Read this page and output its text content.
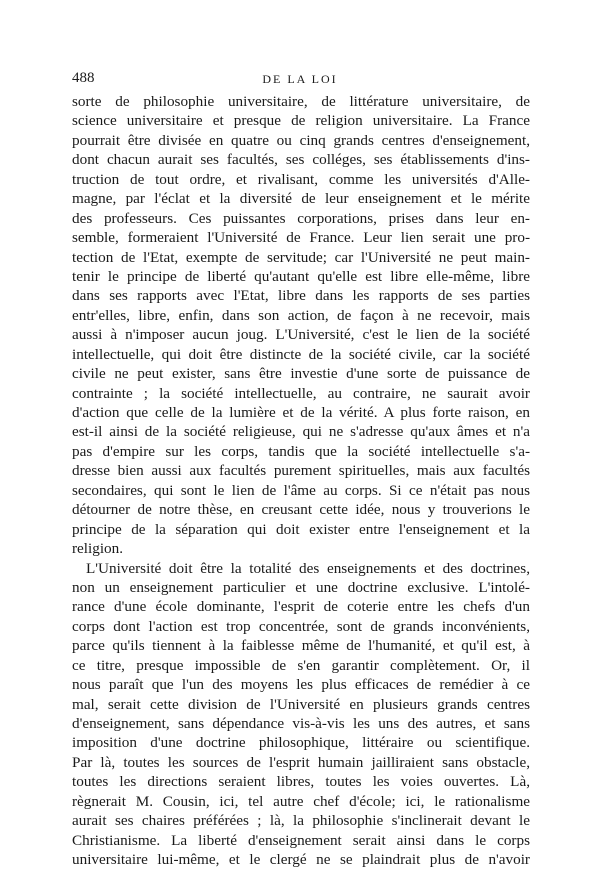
488	DE LA LOI
sorte de philosophie universitaire, de littérature universitaire, de
science universitaire et presque de religion universitaire. La France
pourrait être divisée en quatre ou cinq grands centres d'enseignement,
dont chacun aurait ses facultés, ses colléges, ses établissements d'ins-
truction de tout ordre, et rivalisant, comme les universités d'Alle-
magne, par l'éclat et la diversité de leur enseignement et le mérite
des professeurs. Ces puissantes corporations, prises dans leur en-
semble, formeraient l'Université de France. Leur lien serait une pro-
tection de l'Etat, exempte de servitude; car l'Université ne peut main-
tenir le principe de liberté qu'autant qu'elle est libre elle-même, libre
dans ses rapports avec l'Etat, libre dans les rapports de ses parties
entr'elles, libre, enfin, dans son action, de façon à ne recevoir, mais
aussi à n'imposer aucun joug. L'Université, c'est le lien de la société
intellectuelle, qui doit être distincte de la société civile, car la société
civile ne peut exister, sans être investie d'une sorte de puissance de
contrainte ; la société intellectuelle, au contraire, ne saurait avoir
d'action que celle de la lumière et de la vérité. A plus forte raison, en
est-il ainsi de la société religieuse, qui ne s'adresse qu'aux âmes et n'a
pas d'empire sur les corps, tandis que la société intellectuelle s'a-
dresse bien aussi aux facultés purement spirituelles, mais aux facultés
secondaires, qui sont le lien de l'âme au corps. Si ce n'était pas nous
détourner de notre thèse, en creusant cette idée, nous y trouverions le
principe de la séparation qui doit exister entre l'enseignement et la
religion.
L'Université doit être la totalité des enseignements et des doctrines,
non un enseignement particulier et une doctrine exclusive. L'intolé-
rance d'une école dominante, l'esprit de coterie entre les chefs d'un
corps dont l'action est trop concentrée, sont de grands inconvénients,
parce qu'ils tiennent à la faiblesse même de l'humanité, et qu'il est, à
ce titre, presque impossible de s'en garantir complètement. Or, il
nous paraît que l'un des moyens les plus efficaces de remédier à ce
mal, serait cette division de l'Université en plusieurs grands centres
d'enseignement, sans dépendance vis-à-vis les uns des autres, et sans
imposition d'une doctrine philosophique, littéraire ou scientifique.
Par là, toutes les sources de l'esprit humain jailliraient sans obstacle,
toutes les directions seraient libres, toutes les voies ouvertes. Là,
règnerait M. Cousin, ici, tel autre chef d'école; ici, le rationalisme
aurait ses chaires préférées ; là, la philosophie s'inclinerait devant le
Christianisme. La liberté d'enseignement serait ainsi dans le corps
universitaire lui-même, et le clergé ne se plaindrait plus de n'avoir
